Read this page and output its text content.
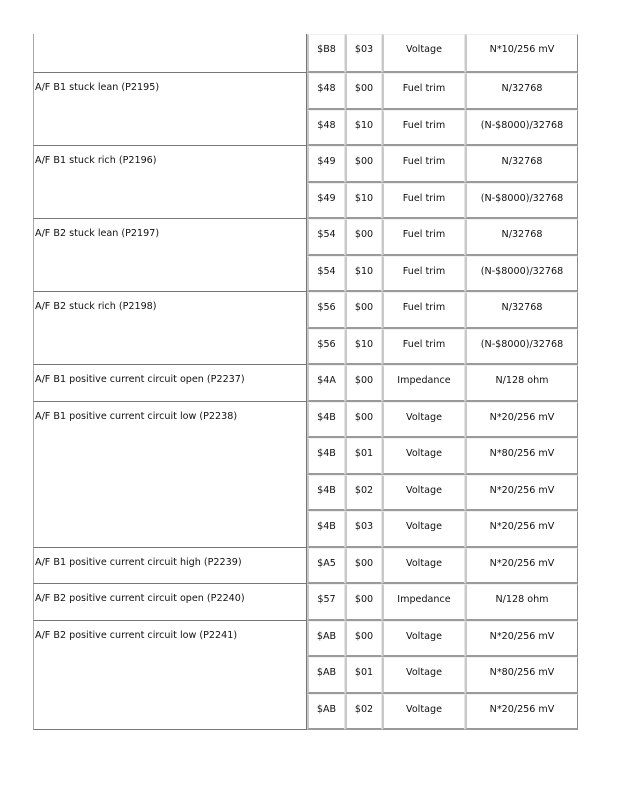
	$B8	$03	Voltage	N*10/256 mV

A/F B1 stuck lean (P2195)	$48	$00	Fuel trim	N/32768

	$48	$10	Fuel trim	(N-$8000)/32768

A/F B1 stuck rich (P2196)	$49	$00	Fuel trim	N/32768

	$49	$10	Fuel trim	(N-$8000)/32768

A/F B2 stuck lean (P2197)	$54	$00	Fuel trim	N/32768

	$54	$10	Fuel trim	(N-$8000)/32768

A/F B2 stuck rich (P2198)	$56	$00	Fuel trim	N/32768

	$56	$10	Fuel trim	(N-$8000)/32768

A/F B1 positive current circuit open (P2237)	$4A	$00	Impedance	N/128 ohm

A/F B1 positive current circuit low (P2238)	$4B	$00	Voltage	N*20/256 mV

	$4B	$01	Voltage	N*80/256 mV

	$4B	$02	Voltage	N*20/256 mV

	$4B	$03	Voltage	N*20/256 mV

A/F B1 positive current circuit high (P2239)	$A5	$00	Voltage	N*20/256 mV

A/F B2 positive current circuit open (P2240)	$57	$00	Impedance	N/128 ohm

A/F B2 positive current circuit low (P2241)	$AB	$00	Voltage	N*20/256 mV

	$AB	$01	Voltage	N*80/256 mV

	$AB	$02	Voltage	N*20/256 mV
